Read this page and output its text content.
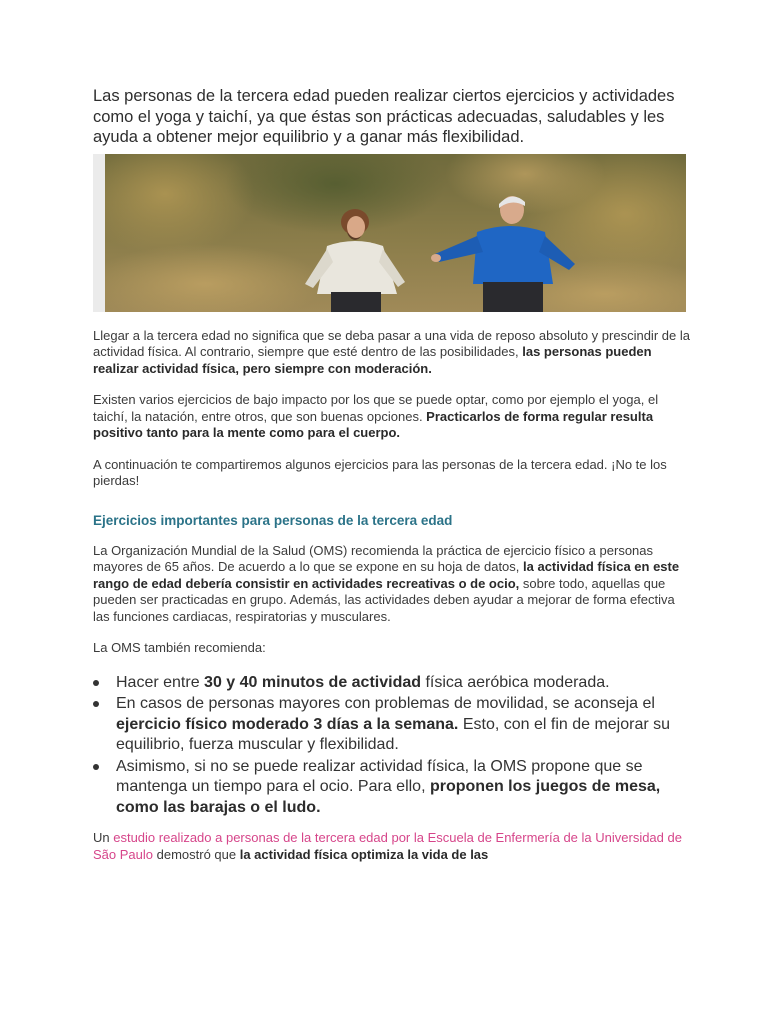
Las personas de la tercera edad pueden realizar ciertos ejercicios y actividades como el yoga y taichí, ya que éstas son prácticas adecuadas, saludables y les ayuda a obtener mejor equilibrio y a ganar más flexibilidad.

Llegar a la tercera edad no significa que se deba pasar a una vida de reposo absoluto y prescindir de la actividad física. Al contrario, siempre que esté dentro de las posibilidades, las personas pueden realizar actividad física, pero siempre con moderación.

Existen varios ejercicios de bajo impacto por los que se puede optar, como por ejemplo el yoga, el taichí, la natación, entre otros, que son buenas opciones. Practicarlos de forma regular resulta positivo tanto para la mente como para el cuerpo.

A continuación te compartiremos algunos ejercicios para las personas de la tercera edad. ¡No te los pierdas!

Ejercicios importantes para personas de la tercera edad

La Organización Mundial de la Salud (OMS) recomienda la práctica de ejercicio físico a personas mayores de 65 años. De acuerdo a lo que se expone en su hoja de datos, la actividad física en este rango de edad debería consistir en actividades recreativas o de ocio, sobre todo, aquellas que pueden ser practicadas en grupo. Además, las actividades deben ayudar a mejorar de forma efectiva las funciones cardiacas, respiratorias y musculares.

La OMS también recomienda:

Hacer entre 30 y 40 minutos de actividad física aeróbica moderada.
En casos de personas mayores con problemas de movilidad, se aconseja el ejercicio físico moderado 3 días a la semana. Esto, con el fin de mejorar su equilibrio, fuerza muscular y flexibilidad.
Asimismo, si no se puede realizar actividad física, la OMS propone que se mantenga un tiempo para el ocio. Para ello, proponen los juegos de mesa, como las barajas o el ludo.

Un estudio realizado a personas de la tercera edad por la Escuela de Enfermería de la Universidad de São Paulo demostró que la actividad física optimiza la vida de las
